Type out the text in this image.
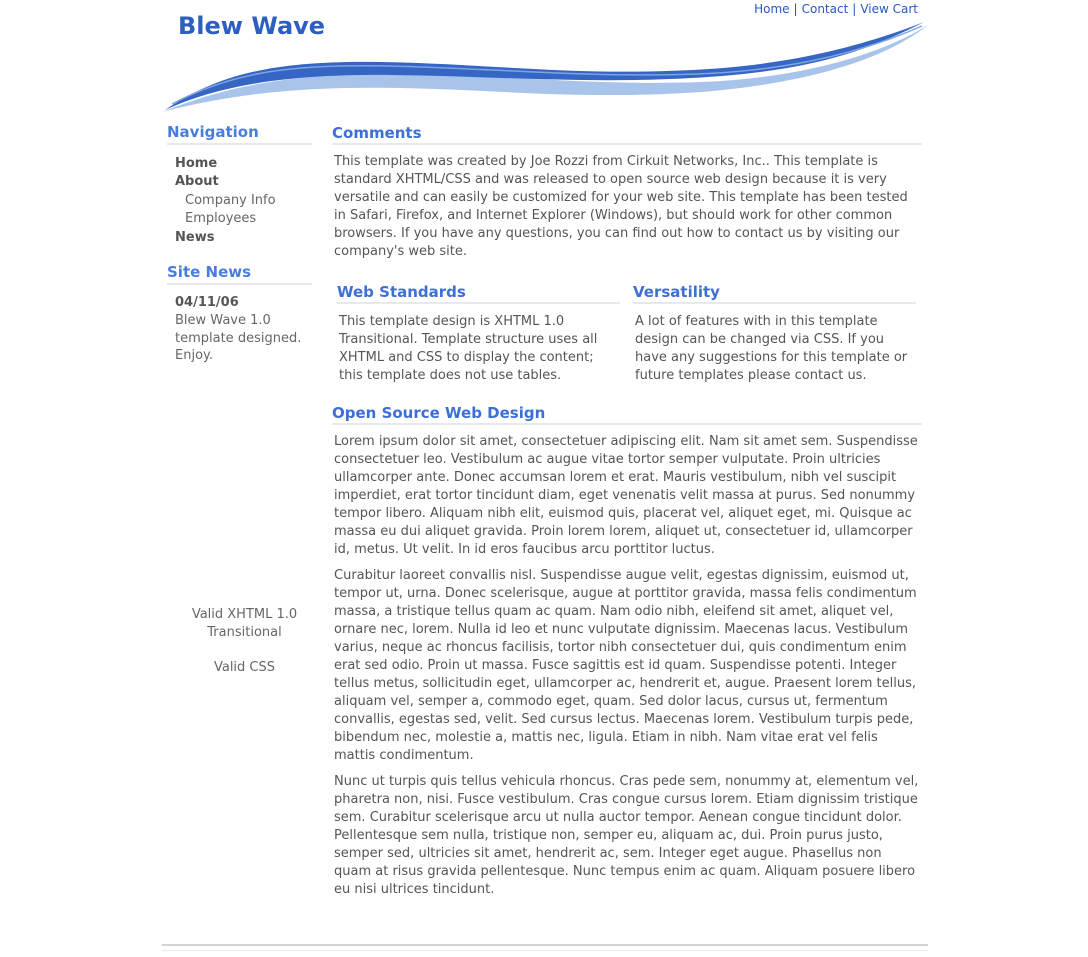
Home | Contact | View Cart
Blew Wave
Navigation
Home
About
Company Info
Employees
News
Site News
04/11/06
Blew Wave 1.0 template designed. Enjoy.
Valid XHTML 1.0 Transitional
Valid CSS
Comments

This template was created by Joe Rozzi from Cirkuit Networks, Inc.. This template is standard XHTML/CSS and was released to open source web design because it is very versatile and can easily be customized for your web site. This template has been tested in Safari, Firefox, and Internet Explorer (Windows), but should work for other common browsers. If you have any questions, you can find out how to contact us by visiting our company's web site.

Web Standards

This template design is XHTML 1.0 Transitional. Template structure uses all XHTML and CSS to display the content; this template does not use tables.

Versatility

A lot of features with in this template design can be changed via CSS. If you have any suggestions for this template or future templates please contact us.

Open Source Web Design

Lorem ipsum dolor sit amet, consectetuer adipiscing elit. Nam sit amet sem. Suspendisse consectetuer leo. Vestibulum ac augue vitae tortor semper vulputate. Proin ultricies ullamcorper ante. Donec accumsan lorem et erat. Mauris vestibulum, nibh vel suscipit imperdiet, erat tortor tincidunt diam, eget venenatis velit massa at purus. Sed nonummy tempor libero. Aliquam nibh elit, euismod quis, placerat vel, aliquet eget, mi. Quisque ac massa eu dui aliquet gravida. Proin lorem lorem, aliquet ut, consectetuer id, ullamcorper id, metus. Ut velit. In id eros faucibus arcu porttitor luctus.

Curabitur laoreet convallis nisl. Suspendisse augue velit, egestas dignissim, euismod ut, tempor ut, urna. Donec scelerisque, augue at porttitor gravida, massa felis condimentum massa, a tristique tellus quam ac quam. Nam odio nibh, eleifend sit amet, aliquet vel, ornare nec, lorem. Nulla id leo et nunc vulputate dignissim. Maecenas lacus. Vestibulum varius, neque ac rhoncus facilisis, tortor nibh consectetuer dui, quis condimentum enim erat sed odio. Proin ut massa. Fusce sagittis est id quam. Suspendisse potenti. Integer tellus metus, sollicitudin eget, ullamcorper ac, hendrerit et, augue. Praesent lorem tellus, aliquam vel, semper a, commodo eget, quam. Sed dolor lacus, cursus ut, fermentum convallis, egestas sed, velit. Sed cursus lectus. Maecenas lorem. Vestibulum turpis pede, bibendum nec, molestie a, mattis nec, ligula. Etiam in nibh. Nam vitae erat vel felis mattis condimentum.

Nunc ut turpis quis tellus vehicula rhoncus. Cras pede sem, nonummy at, elementum vel, pharetra non, nisi. Fusce vestibulum. Cras congue cursus lorem. Etiam dignissim tristique sem. Curabitur scelerisque arcu ut nulla auctor tempor. Aenean congue tincidunt dolor. Pellentesque sem nulla, tristique non, semper eu, aliquam ac, dui. Proin purus justo, semper sed, ultricies sit amet, hendrerit ac, sem. Integer eget augue. Phasellus non quam at risus gravida pellentesque. Nunc tempus enim ac quam. Aliquam posuere libero eu nisi ultrices tincidunt.
